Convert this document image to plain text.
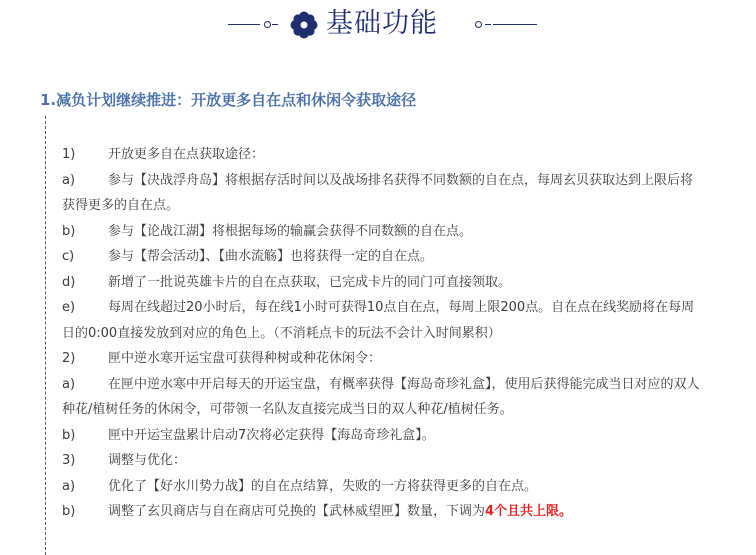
基础功能
1.减负计划继续推进：开放更多自在点和休闲令获取途径

1)	开放更多自在点获取途径：

a)	参与【决战浮舟岛】将根据存活时间以及战场排名获得不同数额的自在点，每周玄贝获取达到上限后将获得更多的自在点。

b)	参与【论战江湖】将根据每场的输赢会获得不同数额的自在点。

c)	参与【帮会活动】、【曲水流觞】也将获得一定的自在点。

d)	新增了一批说英雄卡片的自在点获取，已完成卡片的同门可直接领取。

e)	每周在线超过20小时后，每在线1小时可获得10点自在点，每周上限200点。自在点在线奖励将在每周日的0:00直接发放到对应的角色上。（不消耗点卡的玩法不会计入时间累积）

2)	匣中逆水寒开运宝盘可获得种树或种花休闲令：

a)	在匣中逆水寒中开启每天的开运宝盘，有概率获得【海岛奇珍礼盒】，使用后获得能完成当日对应的双人种花/植树任务的休闲令，可带领一名队友直接完成当日的双人种花/植树任务。

b)	匣中开运宝盘累计启动7次将必定获得【海岛奇珍礼盒】。

3)	调整与优化：

a)	优化了【好水川势力战】的自在点结算，失败的一方将获得更多的自在点。

b)	调整了玄贝商店与自在商店可兑换的【武林威望匣】数量，下调为4个且共上限。
